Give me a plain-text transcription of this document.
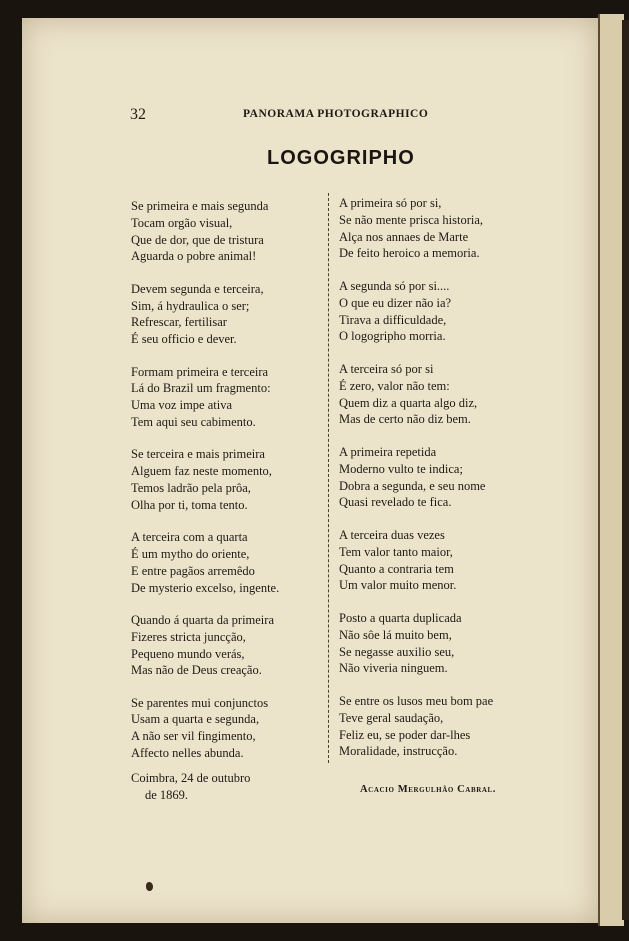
32	PANORAMA PHOTOGRAPHICO
LOGOGRIPHO
Se primeira e mais segunda
Tocam orgão visual,
Que de dor, que de tristura
Aguarda o pobre animal!
Devem segunda e terceira,
Sim, á hydraulica o ser;
Refrescar, fertilisar
É seu officio e dever.
Formam primeira e terceira
Lá do Brazil um fragmento:
Uma voz impe ativa
Tem aqui seu cabimento.
Se terceira e mais primeira
Alguem faz neste momento,
Temos ladrão pela prôa,
Olha por ti, toma tento.
A terceira com a quarta
É um mytho do oriente,
E entre pagãos arremêdo
De mysterio excelso, ingente.
Quando á quarta da primeira
Fizeres stricta juncção,
Pequeno mundo verás,
Mas não de Deus creação.
Se parentes mui conjunctos
Usam a quarta e segunda,
A não ser vil fingimento,
Affecto nelles abunda.
A primeira só por si,
Se não mente prisca historia,
Alça nos annaes de Marte
De feito heroico a memoria.
A segunda só por si....
O que eu dizer não ia?
Tirava a difficuldade,
O logogripho morria.
A terceira só por si
É zero, valor não tem:
Quem diz a quarta algo diz,
Mas de certo não diz bem.
A primeira repetida
Moderno vulto te indica;
Dobra a segunda, e seu nome
Quasi revelado te fica.
A terceira duas vezes
Tem valor tanto maior,
Quanto a contraria tem
Um valor muito menor.
Posto a quarta duplicada
Não sôe lá muito bem,
Se negasse auxilio seu,
Não viveria ninguem.
Se entre os lusos meu bom pae
Teve geral saudação,
Feliz eu, se poder dar-lhes
Moralidade, instrucção.
Coimbra, 24 de outubro
de 1869.	Acacio Mergulhão Cabral.
